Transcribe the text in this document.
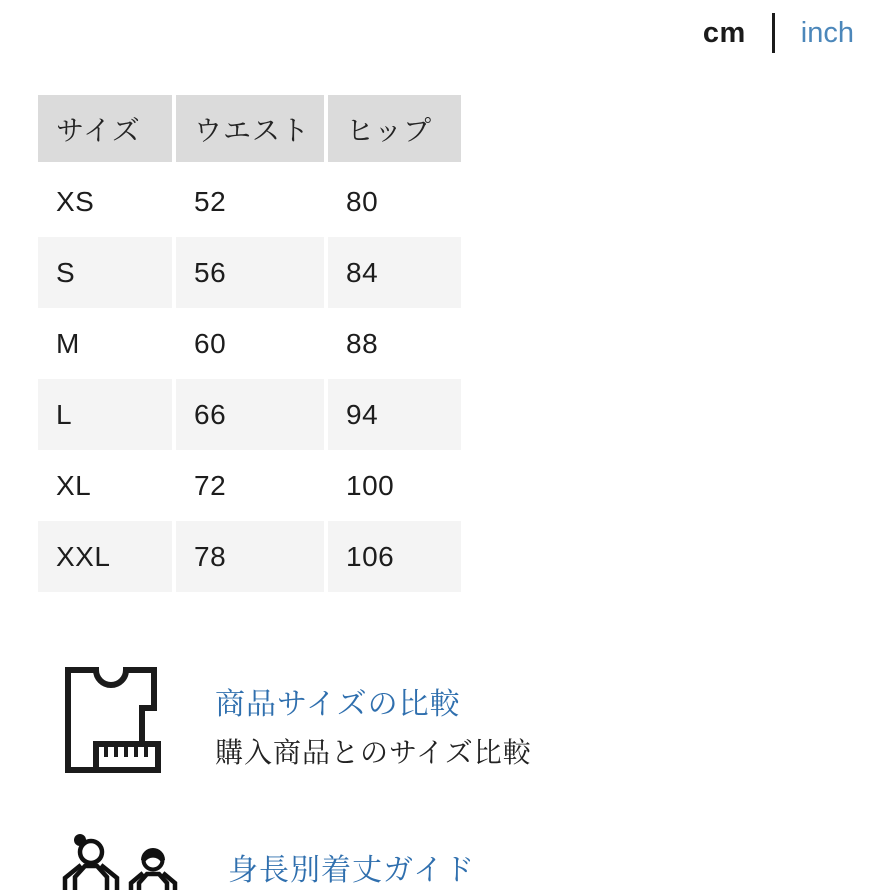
cm inch
サイズ	ウエスト	ヒップ
XS	52	80
S	56	84
M	60	88
L	66	94
XL	72	100
XXL	78	106
商品サイズの比較
購入商品とのサイズ比較
身長別着丈ガイド
